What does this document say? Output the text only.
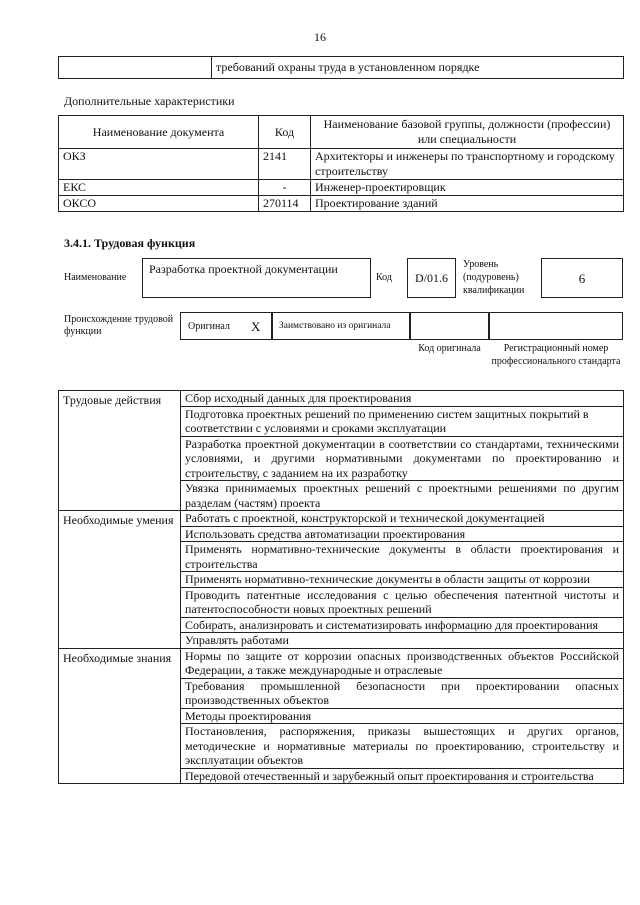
16
	требований охраны труда в установленном порядке
Дополнительные характеристики
Наименование документа	Код	Наименование базовой группы, должности (профессии) или специальности
ОКЗ	2141	Архитекторы и инженеры по транспортному и городскому строительству
ЕКС	-	Инженер-проектировщик
ОКСО	270114	Проектирование зданий
3.4.1. Трудовая функция
Наименование
Разработка проектной документации
Код	D/01.6
Уровень (подуровень) квалификации
6
Происхождение трудовой функции	Оригинал X	Заимствовано из оригинала
Код оригинала	Регистрационный номер профессионального стандарта
Трудовые действия	Сбор исходный данных для проектирования
	Подготовка проектных решений по применению систем защитных покрытий в соответствии с условиями и сроками эксплуатации
	Разработка проектной документации в соответствии со стандартами, техническими условиями, и другими нормативными документами по проектированию и строительству, с заданием на их разработку
	Увязка принимаемых проектных решений с проектными решениями по другим разделам (частям) проекта
Необходимые умения	Работать с проектной, конструкторской и технической документацией
	Использовать средства автоматизации проектирования
	Применять нормативно-технические документы в области проектирования и строительства
	Применять нормативно-технические документы в области защиты от коррозии
	Проводить патентные исследования с целью обеспечения патентной чистоты и патентоспособности новых проектных решений
	Собирать, анализировать и систематизировать информацию для проектирования
	Управлять работами
Необходимые знания	Нормы по защите от коррозии опасных производственных объектов Российской Федерации, а также международные и отраслевые
	Требования промышленной безопасности при проектировании опасных производственных объектов
	Методы проектирования
	Постановления, распоряжения, приказы вышестоящих и других органов, методические и нормативные материалы по проектированию, строительству и эксплуатации объектов
	Передовой отечественный и зарубежный опыт проектирования и строительства
